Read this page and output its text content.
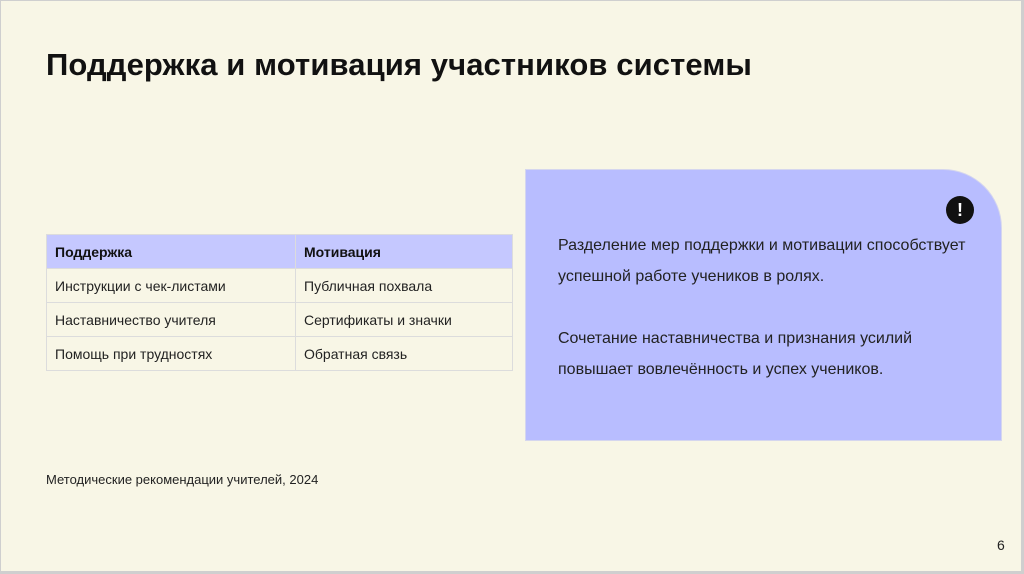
Поддержка и мотивация участников системы
Поддержка	Мотивация
Инструкции с чек-листами	Публичная похвала
Наставничество учителя	Сертификаты и значки
Помощь при трудностях	Обратная связь
!
Разделение мер поддержки и мотивации способствует успешной работе учеников в ролях.
Сочетание наставничества и признания усилий повышает вовлечённость и успех учеников.
Методические рекомендации учителей, 2024
6
